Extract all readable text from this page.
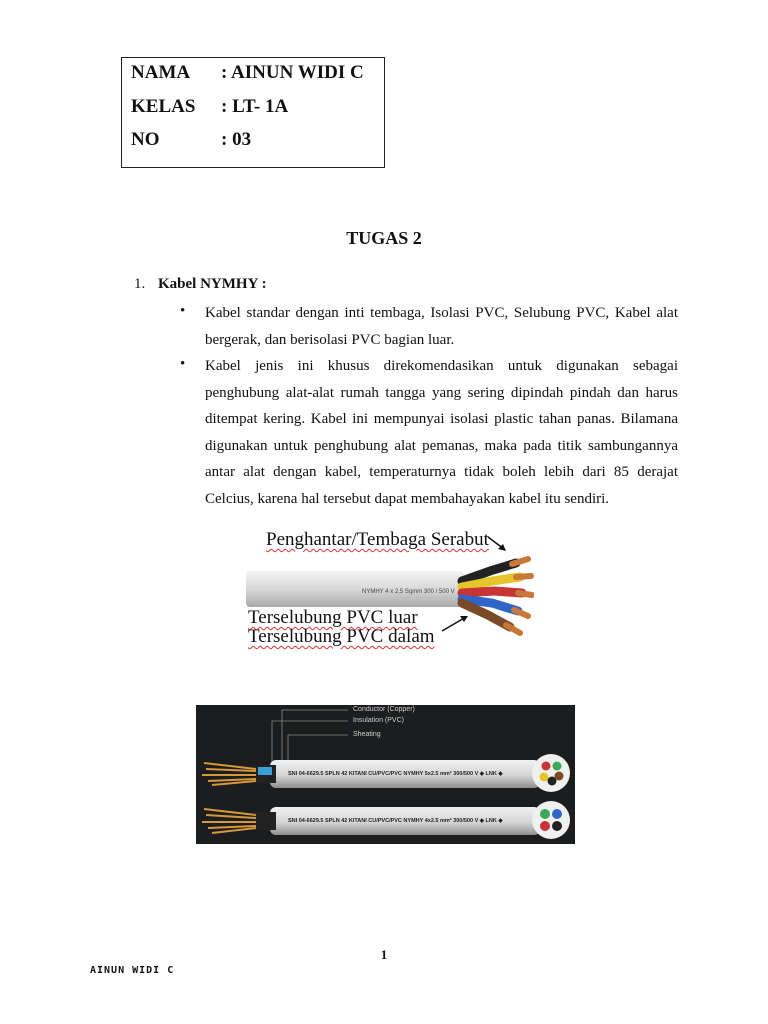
NAMA : AINUN WIDI C
KELAS : LT- 1A
NO	: 03
TUGAS 2
1. Kabel NYMHY :
• Kabel standar dengan inti tembaga, Isolasi PVC, Selubung PVC, Kabel alat
bergerak, dan berisolasi PVC bagian luar.
• Kabel jenis ini khusus direkomendasikan untuk digunakan sebagai
penghubung alat-alat rumah tangga yang sering dipindah pindah dan harus
ditempat kering. Kabel ini mempunyai isolasi plastic tahan panas. Bilamana
digunakan untuk penghubung alat pemanas, maka pada titik sambungannya
antar alat dengan kabel, temperaturnya tidak boleh lebih dari 85 derajat
Celcius, karena hal tersebut dapat membahayakan kabel itu sendiri.
NYMHY 4 x 2,5 Sqmm 300 / 500 V
Penghantar/Tembaga Serabut
Terselubung PVC luar
Terselubung PVC dalam
Conductor (Copper)
Insulation (PVC)
Sheating
SNI 04-6629.5 SPLN 42 KITANI CU/PVC/PVC NYMHY 5x2.5 mm² 300/500 V ◆ LNK ◆
SNI 04-6629.5 SPLN 42 KITANI CU/PVC/PVC NYMHY 4x2.5 mm² 300/500 V ◆ LNK ◆
1
AINUN WIDI C
